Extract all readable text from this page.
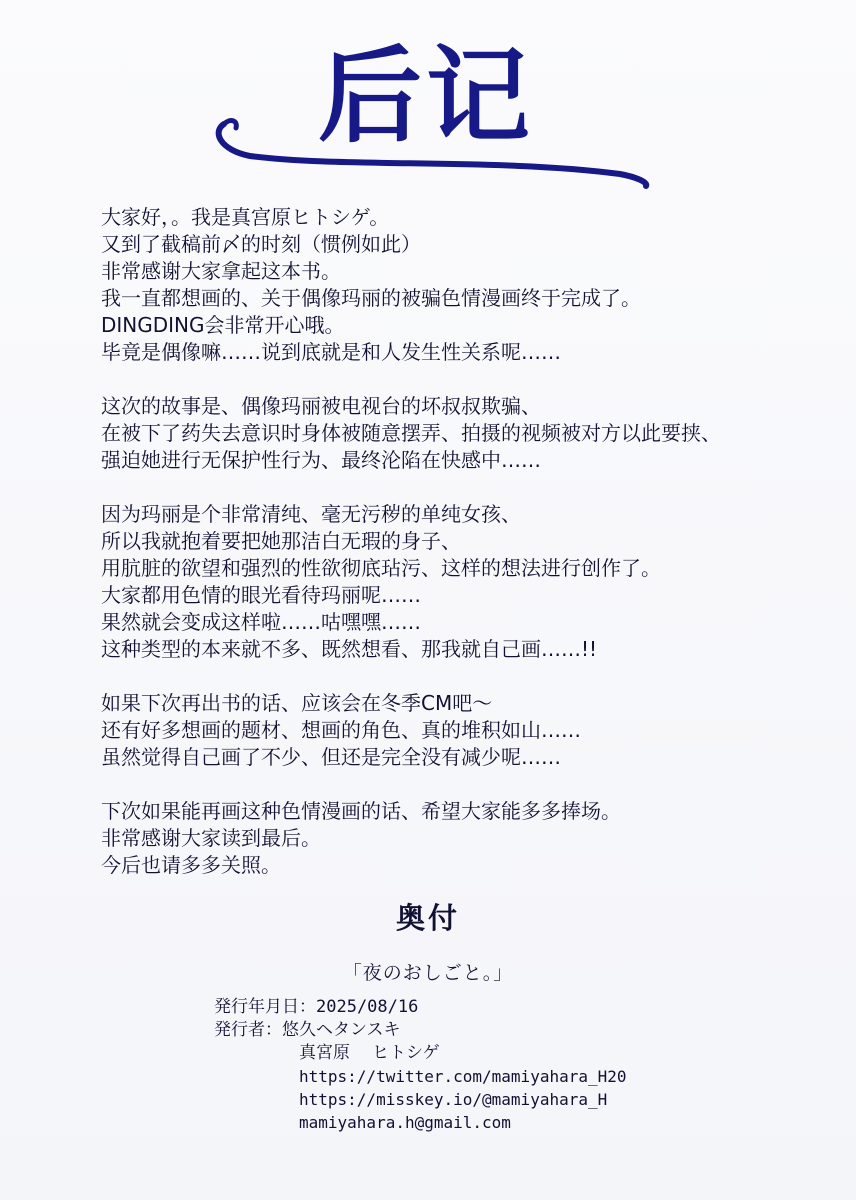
后记
大家好，。我是真宫原ヒトシゲ。
又到了截稿前〆的时刻（惯例如此）
非常感谢大家拿起这本书。
我一直都想画的、关于偶像玛丽的被骗色情漫画终于完成了。
DINGDING会非常开心哦。
毕竟是偶像嘛……说到底就是和人发生性关系呢……
这次的故事是、偶像玛丽被电视台的坏叔叔欺骗、
在被下了药失去意识时身体被随意摆弄、拍摄的视频被对方以此要挟、
强迫她进行无保护性行为、最终沦陷在快感中……
因为玛丽是个非常清纯、毫无污秽的单纯女孩、
所以我就抱着要把她那洁白无瑕的身子、
用肮脏的欲望和强烈的性欲彻底玷污、这样的想法进行创作了。
大家都用色情的眼光看待玛丽呢……
果然就会变成这样啦……咕嘿嘿……
这种类型的本来就不多、既然想看、那我就自己画……!!
如果下次再出书的话、应该会在冬季CM吧～
还有好多想画的题材、想画的角色、真的堆积如山……
虽然觉得自己画了不少、但还是完全没有减少呢……
下次如果能再画这种色情漫画的话、希望大家能多多捧场。
非常感谢大家读到最后。
今后也请多多关照。
奥付
「夜のおしごと。」
発行年月日：2025/08/16
発行者：悠久ヘタンスキ
真宮原 ヒトシゲ
https://twitter.com/mamiyahara_H20
https://misskey.io/@mamiyahara_H
mamiyahara.h@gmail.com
